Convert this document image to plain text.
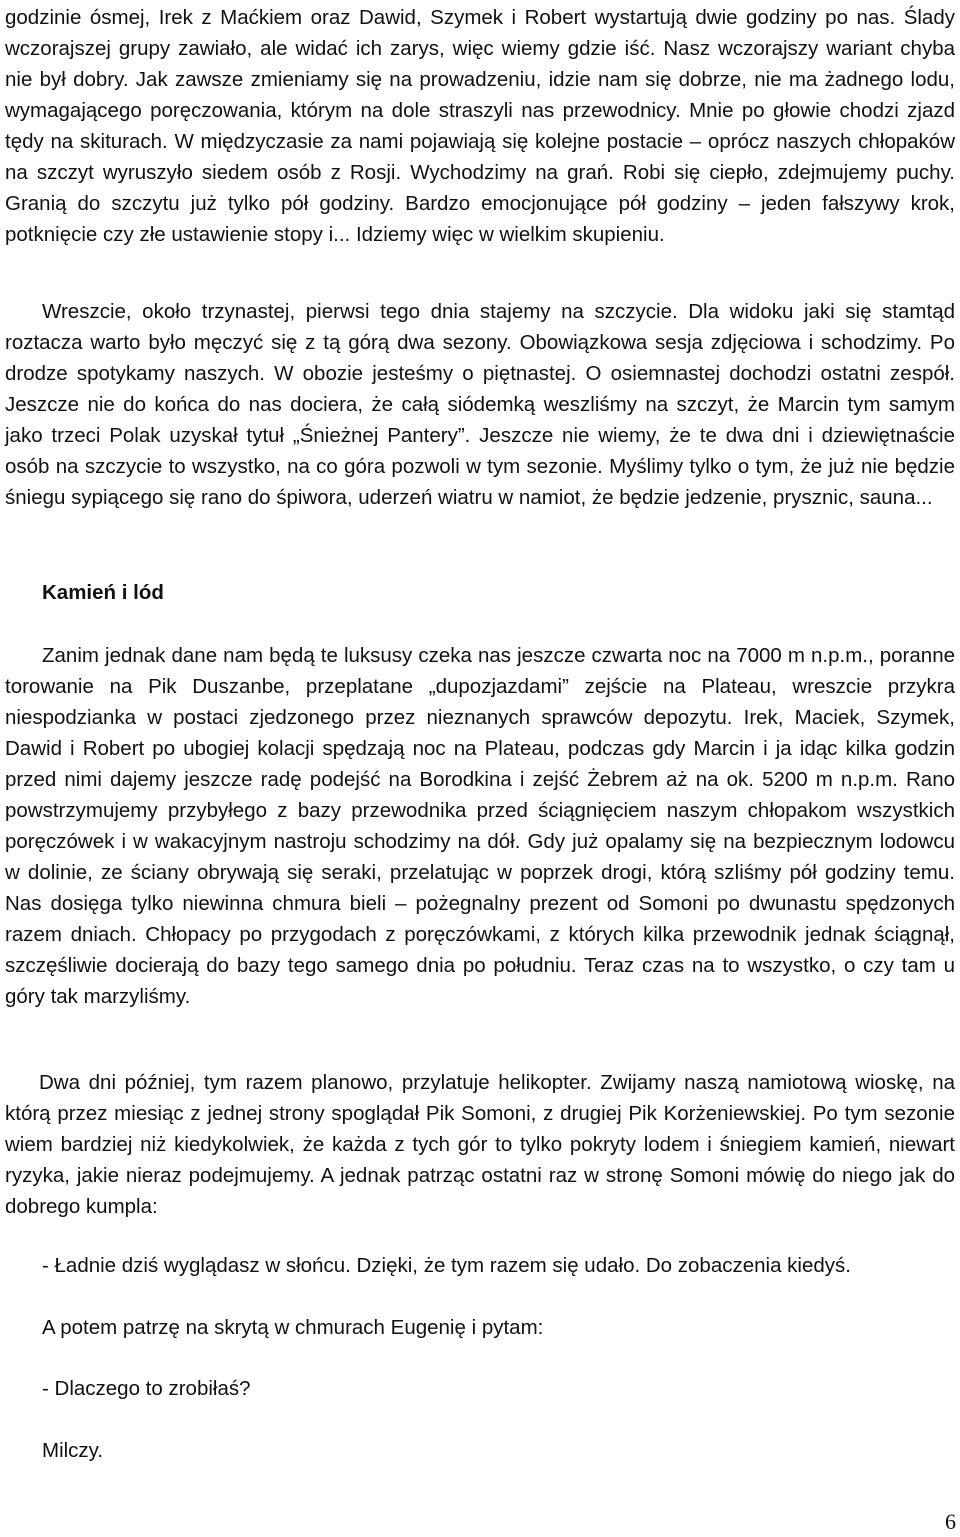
godzinie ósmej, Irek z Maćkiem oraz Dawid, Szymek i Robert wystartują dwie godziny po nas. Ślady wczorajszej grupy zawiało, ale widać ich zarys, więc wiemy gdzie iść. Nasz wczorajszy wariant chyba nie był dobry. Jak zawsze zmieniamy się na prowadzeniu, idzie nam się dobrze, nie ma żadnego lodu, wymagającego poręczowania, którym na dole straszyli nas przewodnicy. Mnie po głowie chodzi zjazd tędy na skiturach. W międzyczasie za nami pojawiają się kolejne postacie – oprócz naszych chłopaków na szczyt wyruszyło siedem osób z Rosji. Wychodzimy na grań. Robi się ciepło, zdejmujemy puchy. Granią do szczytu już tylko pół godziny. Bardzo emocjonujące pół godziny – jeden fałszywy krok, potknięcie czy złe ustawienie stopy i... Idziemy więc w wielkim skupieniu.

Kamień i lód

Zanim jednak dane nam będą te luksusy czeka nas jeszcze czwarta noc na 7000 m n.p.m., poranne torowanie na Pik Duszanbe, przeplatane „dupozjazdami” zejście na Plateau, wreszcie przykra niespodzianka w postaci zjedzonego przez nieznanych sprawców depozytu. Irek, Maciek, Szymek, Dawid i Robert po ubogiej kolacji spędzają noc na Plateau, podczas gdy Marcin i ja idąc kilka godzin przed nimi dajemy jeszcze radę podejść na Borodkina i zejść Żebrem aż na ok. 5200 m n.p.m. Rano powstrzymujemy przybyłego z bazy przewodnika przed ściągnięciem naszym chłopakom wszystkich poręczówek i w wakacyjnym nastroju schodzimy na dół. Gdy już opalamy się na bezpiecznym lodowcu w dolinie, ze ściany obrywają się seraki, przelatując w poprzek drogi, którą szliśmy pół godziny temu. Nas dosięga tylko niewinna chmura bieli – pożegnalny prezent od Somoni po dwunastu spędzonych razem dniach. Chłopacy po przygodach z poręczówkami, z których kilka przewodnik jednak ściągnął, szczęśliwie docierają do bazy tego samego dnia po południu. Teraz czas na to wszystko, o czy tam u góry tak marzyliśmy.

Dwa dni później, tym razem planowo, przylatuje helikopter. Zwijamy naszą namiotową wioskę, na którą przez miesiąc z jednej strony spoglądał Pik Somoni, z drugiej Pik Korżeniewskiej. Po tym sezonie wiem bardziej niż kiedykolwiek, że każda z tych gór to tylko pokryty lodem i śniegiem kamień, niewart ryzyka, jakie nieraz podejmujemy. A jednak patrząc ostatni raz w stronę Somoni mówię do niego jak do dobrego kumpla:

- Ładnie dziś wyglądasz w słońcu. Dzięki, że tym razem się udało. Do zobaczenia kiedyś.
A potem patrzę na skrytą w chmurach Eugenię i pytam:
- Dlaczego to zrobiłaś?
Milczy.

Wreszcie, około trzynastej, pierwsi tego dnia stajemy na szczycie. Dla widoku jaki się stamtąd roztacza warto było męczyć się z tą górą dwa sezony. Obowiązkowa sesja zdjęciowa i schodzimy. Po drodze spotykamy naszych. W obozie jesteśmy o piętnastej. O osiemnastej dochodzi ostatni zespół. Jeszcze nie do końca do nas dociera, że całą siódemką weszliśmy na szczyt, że Marcin tym samym jako trzeci Polak uzyskał tytuł „Śnieżnej Pantery”. Jeszcze nie wiemy, że te dwa dni i dziewiętnaście osób na szczycie to wszystko, na co góra pozwoli w tym sezonie. Myślimy tylko o tym, że już nie będzie śniegu sypiącego się rano do śpiwora, uderzeń wiatru w namiot, że będzie jedzenie, prysznic, sauna...

6
